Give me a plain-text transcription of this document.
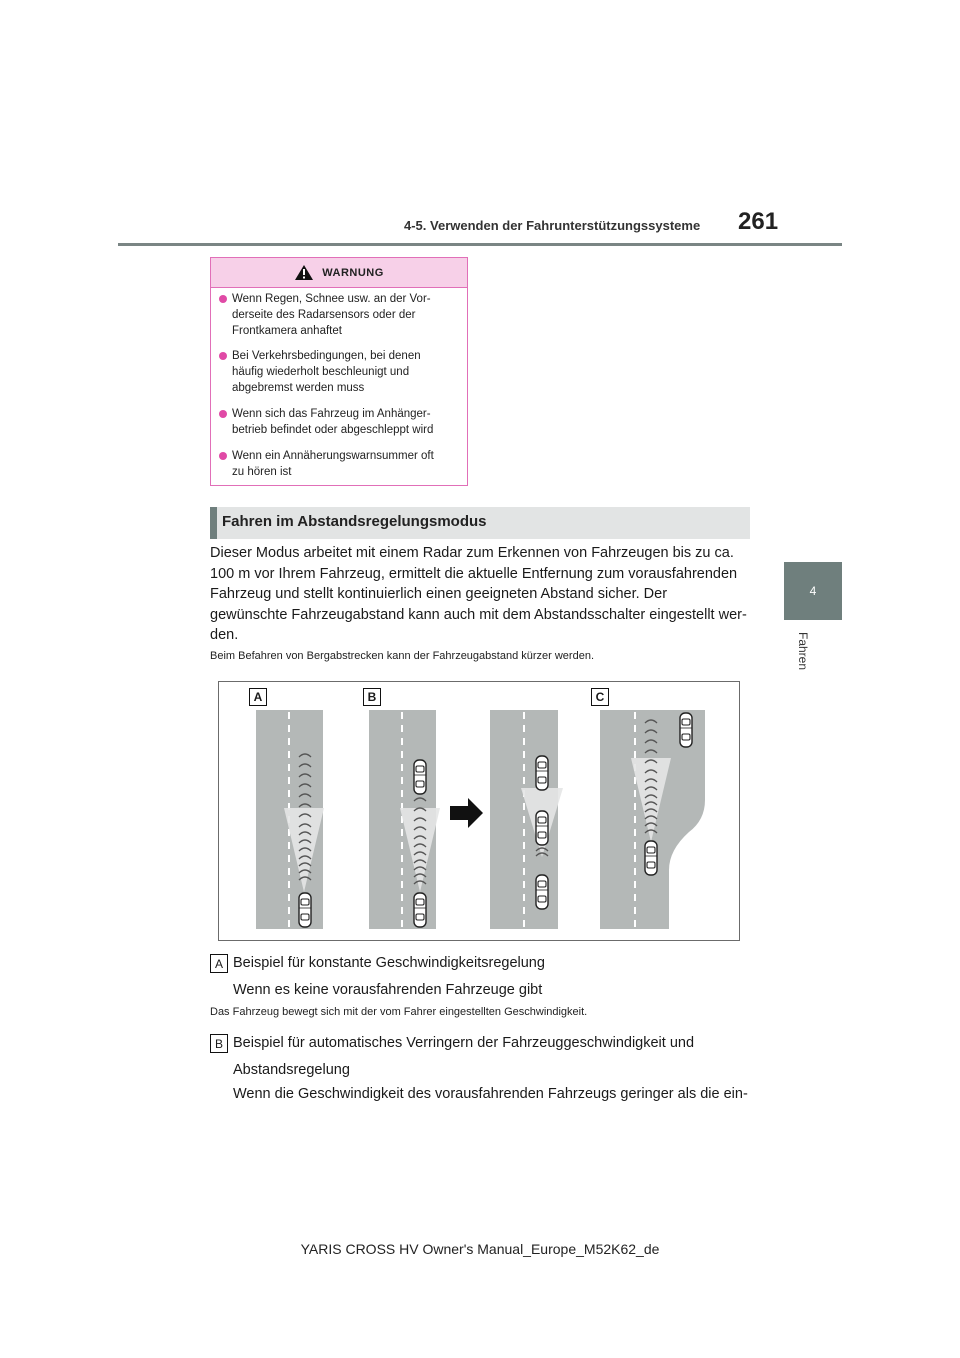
4-5. Verwenden der Fahrunterstützungssysteme 261
4
Fahren
WARNUNG
Wenn Regen, Schnee usw. an der Vor-
derseite des Radarsensors oder der
Frontkamera anhaftet
Bei Verkehrsbedingungen, bei denen
häufig wiederholt beschleunigt und
abgebremst werden muss
Wenn sich das Fahrzeug im Anhänger-
betrieb befindet oder abgeschleppt wird
Wenn ein Annäherungswarnsummer oft
zu hören ist
Fahren im Abstandsregelungsmodus
Dieser Modus arbeitet mit einem Radar zum Erkennen von Fahrzeugen bis zu ca.
100 m vor Ihrem Fahrzeug, ermittelt die aktuelle Entfernung zum vorausfahrenden
Fahrzeug und stellt kontinuierlich einen geeigneten Abstand sicher. Der
gewünschte Fahrzeugabstand kann auch mit dem Abstandsschalter eingestellt wer-
den.
Beim Befahren von Bergabstrecken kann der Fahrzeugabstand kürzer werden.
A	B	C
A Beispiel für konstante Geschwindigkeitsregelung
Wenn es keine vorausfahrenden Fahrzeuge gibt
Das Fahrzeug bewegt sich mit der vom Fahrer eingestellten Geschwindigkeit.
B Beispiel für automatisches Verringern der Fahrzeuggeschwindigkeit und
Abstandsregelung
Wenn die Geschwindigkeit des vorausfahrenden Fahrzeugs geringer als die ein-
YARIS CROSS HV Owner's Manual_Europe_M52K62_de
